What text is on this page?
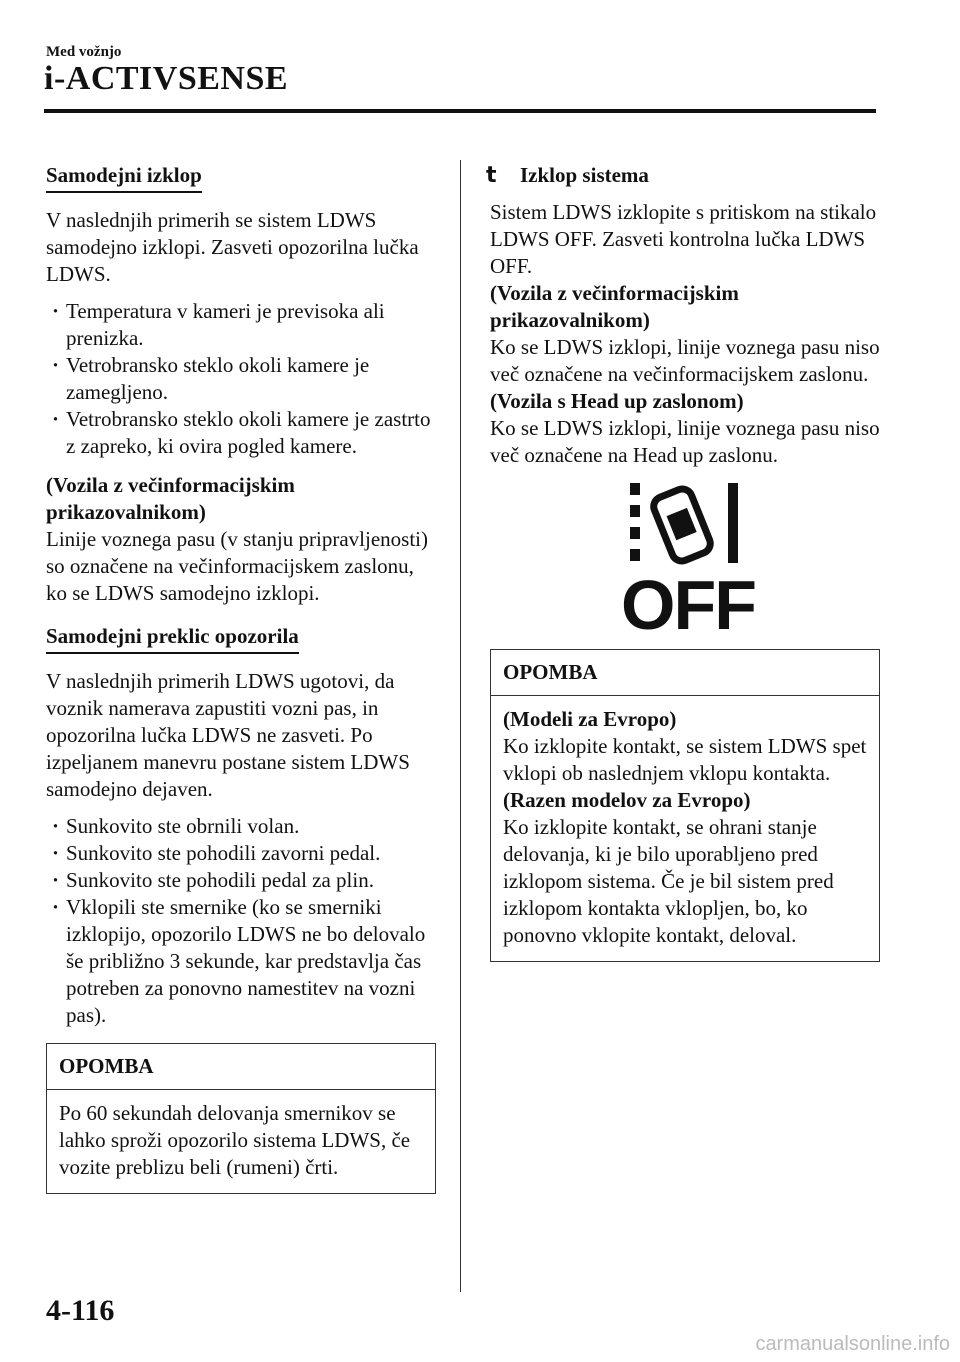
Med vožnjo
i-ACTIVSENSE
Samodejni izklop

V naslednjih primerih se sistem LDWS samodejno izklopi. Zasveti opozorilna lučka LDWS.

· Temperatura v kameri je previsoka ali prenizka.
· Vetrobransko steklo okoli kamere je zamegljeno.
· Vetrobransko steklo okoli kamere je zastrto z zapreko, ki ovira pogled kamere.

(Vozila z večinformacijskim prikazovalnikom)

Linije voznega pasu (v stanju pripravljenosti) so označene na večinformacijskem zaslonu, ko se LDWS samodejno izklopi.

Samodejni preklic opozorila

V naslednjih primerih LDWS ugotovi, da voznik namerava zapustiti vozni pas, in opozorilna lučka LDWS ne zasveti. Po izpeljanem manevru postane sistem LDWS samodejno dejaven.

· Sunkovito ste obrnili volan.
· Sunkovito ste pohodili zavorni pedal.
· Sunkovito ste pohodili pedal za plin.
· Vklopili ste smernike (ko se smerniki izklopijo, opozorilo LDWS ne bo delovalo še približno 3 sekunde, kar predstavlja čas potreben za ponovno namestitev na vozni pas).
OPOMBA
Po 60 sekundah delovanja smernikov se lahko sproži opozorilo sistema LDWS, če vozite preblizu beli (rumeni) črti.
t Izklop sistema

Sistem LDWS izklopite s pritiskom na stikalo LDWS OFF. Zasveti kontrolna lučka LDWS OFF.

(Vozila z večinformacijskim prikazovalnikom)

Ko se LDWS izklopi, linije voznega pasu niso več označene na večinformacijskem zaslonu.

(Vozila s Head up zaslonom)

Ko se LDWS izklopi, linije voznega pasu niso več označene na Head up zaslonu.

OFF
OPOMBA

(Modeli za Evropo)

Ko izklopite kontakt, se sistem LDWS spet vklopi ob naslednjem vklopu kontakta.

(Razen modelov za Evropo)

Ko izklopite kontakt, se ohrani stanje delovanja, ki je bilo uporabljeno pred izklopom sistema. Če je bil sistem pred izklopom kontakta vklopljen, bo, ko ponovno vklopite kontakt, deloval.

4-116
carmanualsonline.info
